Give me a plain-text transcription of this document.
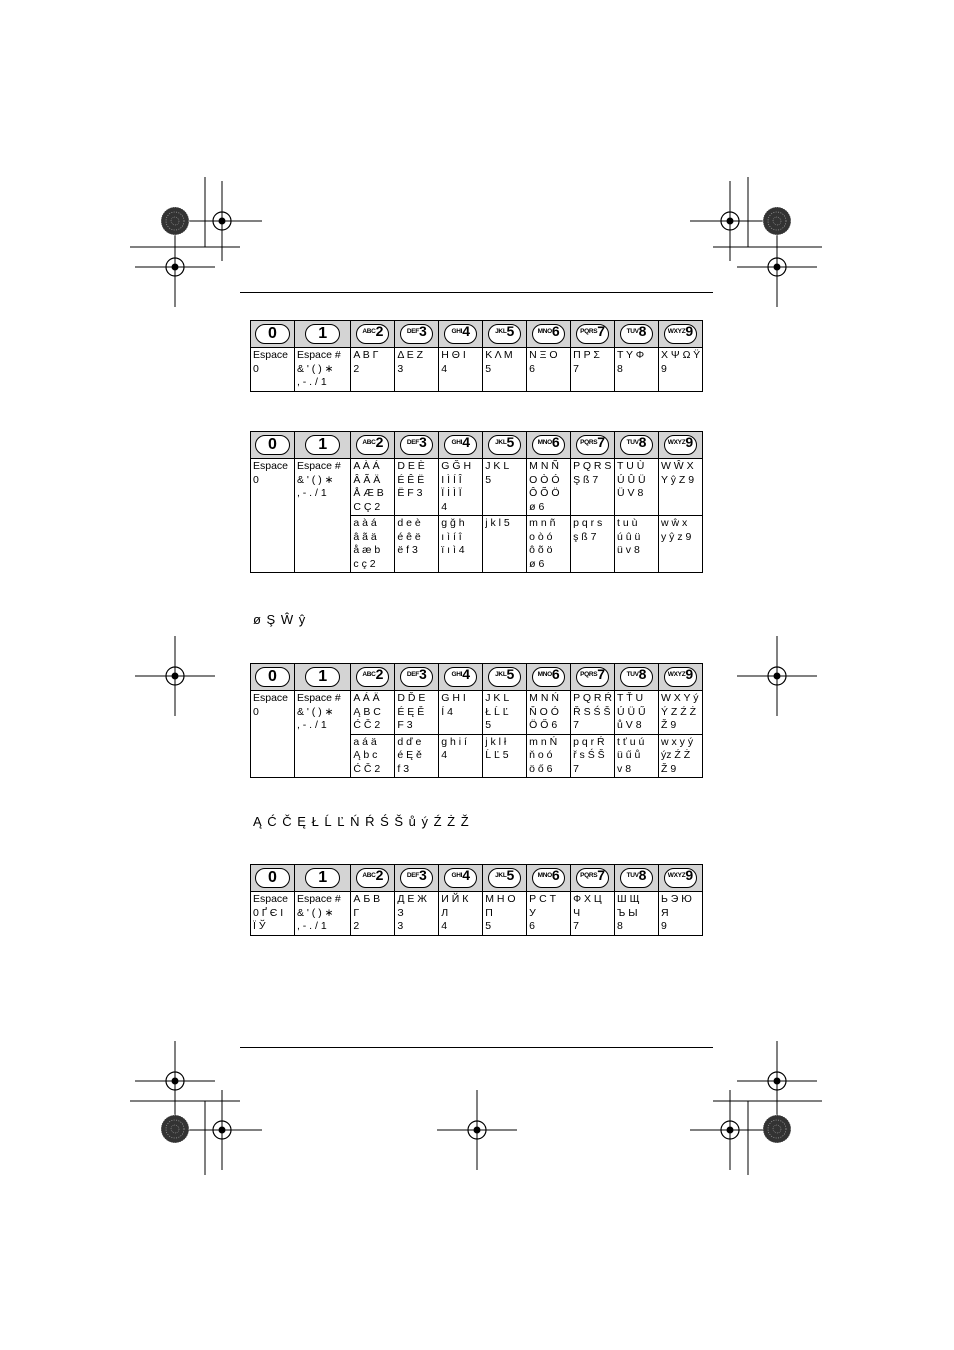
0	1	ABC2	DEF3	GHI4	JKL5	MNO6	PQRS7	TUV8	WXYZ9
Espace
0	Espace #
& ' ( ) ∗
, - . / 1	Α Β Γ
2	Δ Ε Ζ
3	Η Θ Ι
4	Κ Λ Μ
5	Ν Ξ Ο
6	Π Ρ Σ
7	Τ Υ Φ
8	Χ Ψ Ω Ϋ
9
0	1	ABC2	DEF3	GHI4	JKL5	MNO6	PQRS7	TUV8	WXYZ9
Espace
0	Espace #
& ' ( ) ∗
, - . / 1	A À Á
Â Ã Ä
Å Æ B
C Ç 2	D E È
É Ê Ë
Ë F 3	G Ğ H
I Ì Í Î
Ï İ Ì Ï
4	J K L
5	M N Ñ
O Ò Ó
Ô Õ Ö
ø 6	P Q R S
Ş ß 7	T U Ù
Ú Û Ü
Ü V 8	W Ŵ X
Y ŷ Z 9
		a à á
â ã ä
å æ b
c ç 2	d e è
é ê ë
ë f 3	g ğ h
ı ì í î
ï ı ì 4	j k l 5	m n ñ
o ò ó
ô õ ö
ø 6	p q r s
ş ß 7	t u ù
ú û ü
ü v 8	w ŵ x
y ŷ z 9
ø Ş Ŵ ŷ
0	1	ABC2	DEF3	GHI4	JKL5	MNO6	PQRS7	TUV8	WXYZ9
Espace
0	Espace #
& ' ( ) ∗
, - . / 1	A Á Ä
Ą B C
Ć Č 2	D Ď E
É Ę Ě
F 3	G H I
Í 4	J K L
Ł Ĺ Ľ
5	M N Ń
Ň O Ó
Ö Ő 6	P Q R Ŕ
Ř S Ś Š
7	T Ť U
Ú Ü Ű
ů V 8	W X Y ý
Ý Z Ź Ż
Ž 9
		a á ä
Ą b c
Ć Č 2	d ď e
é Ę ě
f 3	g h i í
4	j k l ł
Ĺ Ľ 5	m n Ń
ň o ó
ö ő 6	p q r Ŕ
ř s Ś Š
7	t ť u ú
ü ű ů
v 8	w x y ý
ýz Ź Ż
Ž 9
Ą Ć Č Ę Ł Ĺ Ľ Ń Ŕ Ś Š ů ý Ź Ż Ž
0	1	ABC2	DEF3	GHI4	JKL5	MNO6	PQRS7	TUV8	WXYZ9
Espace
0 Ґ Є І
Ї Ў	Espace #
& ' ( ) ∗
, - . / 1	А Б В
Г
2	Д Е Ж
З
3	И Й К
Л
4	М Н О
П
5	Р С Т
У
6	Ф Х Ц
Ч
7	Ш Щ
Ъ Ы
8	Ь Э Ю
Я
9
